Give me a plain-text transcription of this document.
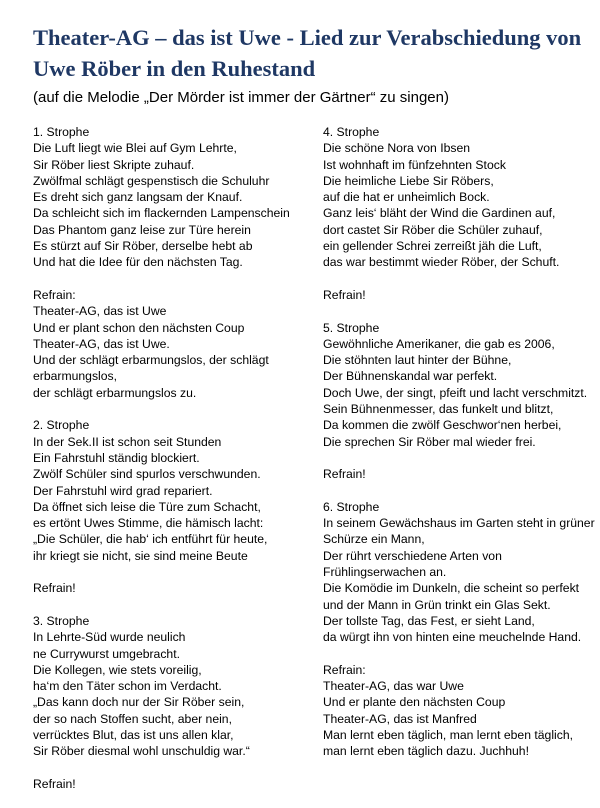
Theater-AG – das ist Uwe - Lied zur Verabschiedung von Uwe Röber in den Ruhestand

(auf die Melodie „Der Mörder ist immer der Gärtner“ zu singen)

1. Strophe
Die Luft liegt wie Blei auf Gym Lehrte,
Sir Röber liest Skripte zuhauf.
Zwölfmal schlägt gespenstisch die Schuluhr
Es dreht sich ganz langsam der Knauf.
Da schleicht sich im flackernden Lampenschein
Das Phantom ganz leise zur Türe herein
Es stürzt auf Sir Röber, derselbe hebt ab
Und hat die Idee für den nächsten Tag.
Refrain:
Theater-AG, das ist Uwe
Und er plant schon den nächsten Coup
Theater-AG, das ist Uwe.
Und der schlägt erbarmungslos, der schlägt erbarmungslos,
der schlägt erbarmungslos zu.
2. Strophe
In der Sek.II ist schon seit Stunden
Ein Fahrstuhl ständig blockiert.
Zwölf Schüler sind spurlos verschwunden.
Der Fahrstuhl wird grad repariert.
Da öffnet sich leise die Türe zum Schacht,
es ertönt Uwes Stimme, die hämisch lacht:
„Die Schüler, die hab‘ ich entführt für heute,
ihr kriegt sie nicht, sie sind meine Beute
Refrain!
3. Strophe
In Lehrte-Süd wurde neulich
ne Currywurst umgebracht.
Die Kollegen, wie stets voreilig,
ha‘m den Täter schon im Verdacht.
„Das kann doch nur der Sir Röber sein,
der so nach Stoffen sucht, aber nein,
verrücktes Blut, das ist uns allen klar,
Sir Röber diesmal wohl unschuldig war.“
Refrain!
4. Strophe
Die schöne Nora von Ibsen
Ist wohnhaft im fünfzehnten Stock
Die heimliche Liebe Sir Röbers,
auf die hat er unheimlich Bock.
Ganz leis‘ bläht der Wind die Gardinen auf,
dort castet Sir Röber die Schüler zuhauf,
ein gellender Schrei zerreißt jäh die Luft,
das war bestimmt wieder Röber, der Schuft.
Refrain!
5. Strophe
Gewöhnliche Amerikaner, die gab es 2006,
Die stöhnten laut hinter der Bühne,
Der Bühnenskandal war perfekt.
Doch Uwe, der singt, pfeift und lacht verschmitzt.
Sein Bühnenmesser, das funkelt und blitzt,
Da kommen die zwölf Geschwor‘nen herbei,
Die sprechen Sir Röber mal wieder frei.
Refrain!
6. Strophe
In seinem Gewächshaus im Garten steht in grüner Schürze ein Mann,
Der rührt verschiedene Arten von Frühlingserwachen an.
Die Komödie im Dunkeln, die scheint so perfekt
und der Mann in Grün trinkt ein Glas Sekt.
Der tollste Tag, das Fest, er sieht Land,
da würgt ihn von hinten eine meuchelnde Hand.
Refrain:
Theater-AG, das war Uwe
Und er plante den nächsten Coup
Theater-AG, das ist Manfred
Man lernt eben täglich, man lernt eben täglich,
man lernt eben täglich dazu. Juchhuh!
